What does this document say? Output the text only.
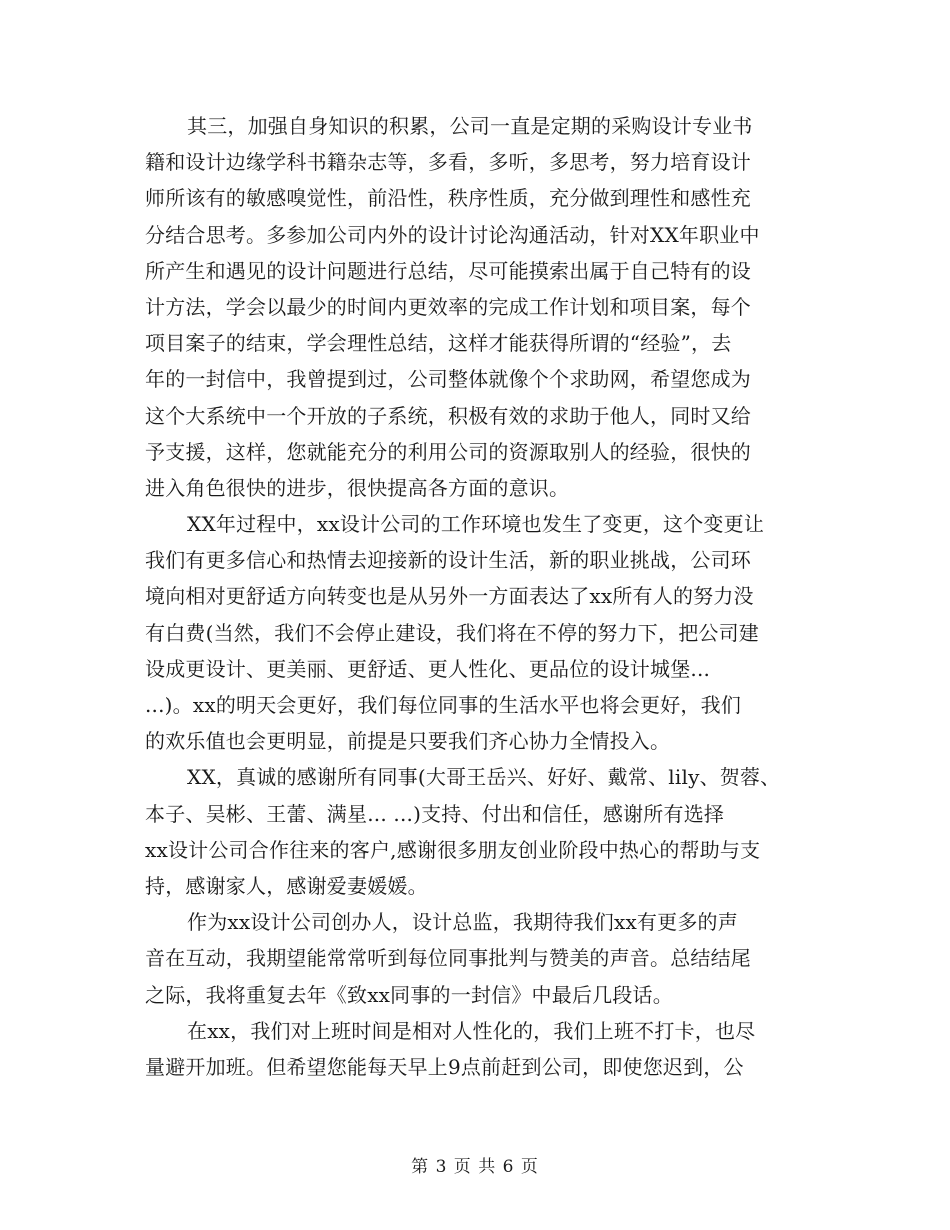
其三，加强自身知识的积累，公司一直是定期的采购设计专业书
籍和设计边缘学科书籍杂志等，多看，多听，多思考，努力培育设计
师所该有的敏感嗅觉性，前沿性，秩序性质，充分做到理性和感性充
分结合思考。多参加公司内外的设计讨论沟通活动，针对XX年职业中
所产生和遇见的设计问题进行总结，尽可能摸索出属于自己特有的设
计方法，学会以最少的时间内更效率的完成工作计划和项目案，每个
项目案子的结束，学会理性总结，这样才能获得所谓的“经验”，去
年的一封信中，我曾提到过，公司整体就像个个求助网，希望您成为
这个大系统中一个开放的子系统，积极有效的求助于他人，同时又给
予支援，这样，您就能充分的利用公司的资源取别人的经验，很快的
进入角色很快的进步，很快提高各方面的意识。
XX年过程中，xx设计公司的工作环境也发生了变更，这个变更让
我们有更多信心和热情去迎接新的设计生活，新的职业挑战，公司环
境向相对更舒适方向转变也是从另外一方面表达了xx所有人的努力没
有白费(当然，我们不会停止建设，我们将在不停的努力下，把公司建
设成更设计、更美丽、更舒适、更人性化、更品位的设计城堡...
...)。xx的明天会更好，我们每位同事的生活水平也将会更好，我们
的欢乐值也会更明显，前提是只要我们齐心协力全情投入。
XX，真诚的感谢所有同事(大哥王岳兴、好好、戴常、lily、贺蓉、
本子、吴彬、王蕾、满星... ...)支持、付出和信任，感谢所有选择
xx设计公司合作往来的客户,感谢很多朋友创业阶段中热心的帮助与支
持，感谢家人，感谢爱妻媛媛。
作为xx设计公司创办人，设计总监，我期待我们xx有更多的声
音在互动，我期望能常常听到每位同事批判与赞美的声音。总结结尾
之际，我将重复去年《致xx同事的一封信》中最后几段话。
在xx，我们对上班时间是相对人性化的，我们上班不打卡，也尽
量避开加班。但希望您能每天早上9点前赶到公司，即使您迟到，公
第 3 页 共 6 页
